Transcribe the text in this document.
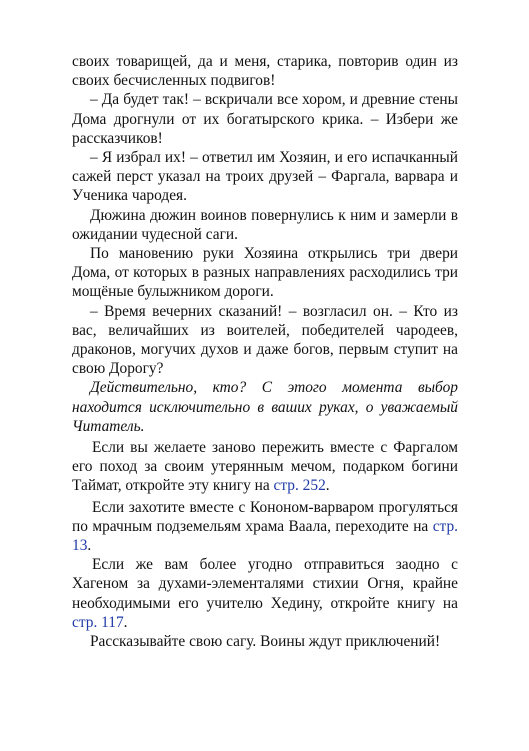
своих товарищей, да и меня, старика, повторив один из своих бесчисленных подвигов!

– Да будет так! – вскричали все хором, и древние стены Дома дрогнули от их богатырского крика. – Избери же рассказчиков!

– Я избрал их! – ответил им Хозяин, и его испачканный сажей перст указал на троих друзей – Фаргала, варвара и Ученика чародея.

Дюжина дюжин воинов повернулись к ним и замерли в ожидании чудесной саги.

По мановению руки Хозяина открылись три двери Дома, от которых в разных направлениях расходились три мощёные булыжником дороги.

– Время вечерних сказаний! – возгласил он. – Кто из вас, величайших из воителей, победителей чародеев, драконов, могучих духов и даже богов, первым ступит на свою Дорогу?

Действительно, кто? С этого момента выбор находится исключительно в ваших руках, о уважаемый Читатель.

Если вы желаете заново пережить вместе с Фаргалом его поход за своим утерянным мечом, подарком богини Таймат, откройте эту книгу на стр. 252.

Если захотите вместе с Кононом-варваром прогуляться по мрачным подземельям храма Ваала, переходите на стр. 13.

Если же вам более угодно отправиться заодно с Хагеном за духами-элементалями стихии Огня, крайне необходимыми его учителю Хедину, откройте книгу на стр. 117.

Рассказывайте свою сагу. Воины ждут приключений!
